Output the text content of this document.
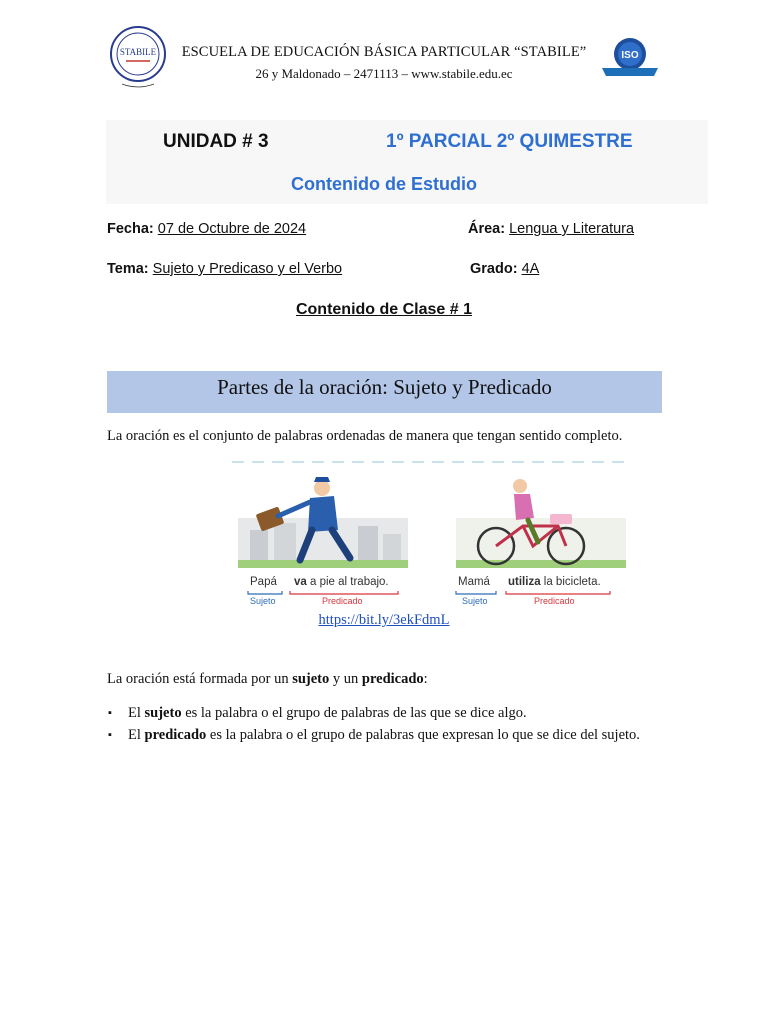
STABILE	ESCUELA DE EDUCACIÓN BÁSICA PARTICULAR “STABILE”
26 y Maldonado – 2471113 – www.stabile.edu.ec
ISO
UNIDAD # 3	1º PARCIAL 2º QUIMESTRE
Contenido de Estudio
Fecha: 07 de Octubre de 2024	Área: Lengua y Literatura
Tema: Sujeto y Predicaso y el Verbo	Grado: 4A
Contenido de Clase # 1
Partes de la oración: Sujeto y Predicado
La oración es el conjunto de palabras ordenadas de manera que tengan sentido completo.
Papá va a pie al trabajo.
Sujeto	Predicado
Mamá utiliza la bicicleta.
Sujeto	Predicado
https://bit.ly/3ekFdmL
La oración está formada por un sujeto y un predicado:
▪ El sujeto es la palabra o el grupo de palabras de las que se dice algo.
▪ El predicado es la palabra o el grupo de palabras que expresan lo que se dice del sujeto.
